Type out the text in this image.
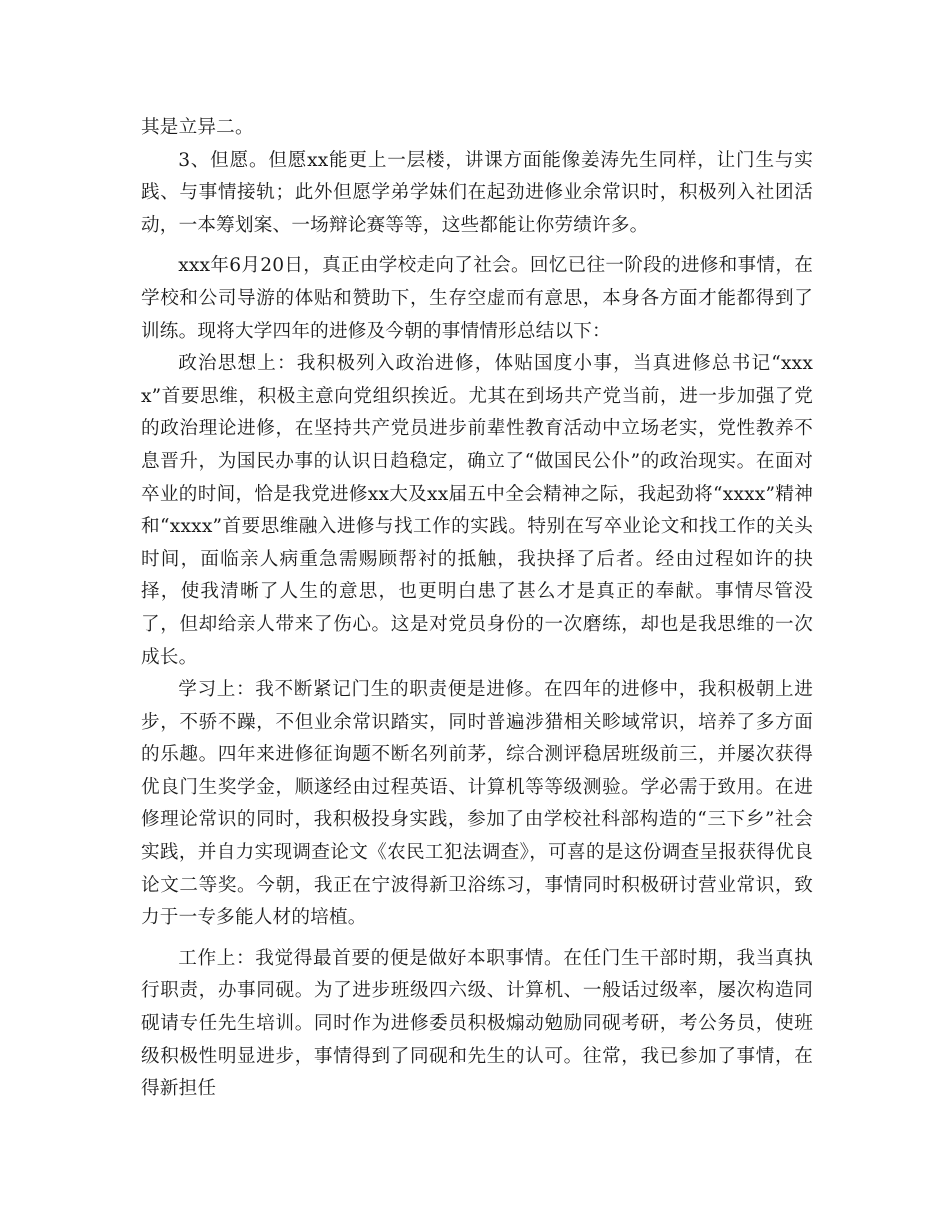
其是立异二。

3、但愿。但愿xx能更上一层楼，讲课方面能像姜涛先生同样，让门生与实践、与事情接轨；此外但愿学弟学妹们在起劲进修业余常识时，积极列入社团活动，一本筹划案、一场辩论赛等等，这些都能让你劳绩许多。

xxx年6月20日，真正由学校走向了社会。回忆已往一阶段的进修和事情，在学校和公司导游的体贴和赞助下，生存空虚而有意思，本身各方面才能都得到了训练。现将大学四年的进修及今朝的事情情形总结以下：

政治思想上：我积极列入政治进修，体贴国度小事，当真进修总书记“xxxx”首要思维，积极主意向党组织挨近。尤其在到场共产党当前，进一步加强了党的政治理论进修，在坚持共产党员进步前辈性教育活动中立场老实，党性教养不息晋升，为国民办事的认识日趋稳定，确立了“做国民公仆”的政治现实。在面对卒业的时间，恰是我党进修xx大及xx届五中全会精神之际，我起劲将“xxxx”精神和“xxxx”首要思维融入进修与找工作的实践。特别在写卒业论文和找工作的关头时间，面临亲人病重急需赐顾帮衬的抵触，我抉择了后者。经由过程如许的抉择，使我清晰了人生的意思，也更明白患了甚么才是真正的奉献。事情尽管没了，但却给亲人带来了伤心。这是对党员身份的一次磨练，却也是我思维的一次成长。

学习上：我不断紧记门生的职责便是进修。在四年的进修中，我积极朝上进步，不骄不躁，不但业余常识踏实，同时普遍涉猎相关畛域常识，培养了多方面的乐趣。四年来进修征询题不断名列前茅，综合测评稳居班级前三，并屡次获得优良门生奖学金，顺遂经由过程英语、计算机等等级测验。学必需于致用。在进修理论常识的同时，我积极投身实践，参加了由学校社科部构造的“三下乡”社会实践，并自力实现调查论文《农民工犯法调查》，可喜的是这份调查呈报获得优良论文二等奖。今朝，我正在宁波得新卫浴练习，事情同时积极研讨营业常识，致力于一专多能人材的培植。

工作上：我觉得最首要的便是做好本职事情。在任门生干部时期，我当真执行职责，办事同砚。为了进步班级四六级、计算机、一般话过级率，屡次构造同砚请专任先生培训。同时作为进修委员积极煽动勉励同砚考研，考公务员，使班级积极性明显进步，事情得到了同砚和先生的认可。往常，我已参加了事情，在得新担任
